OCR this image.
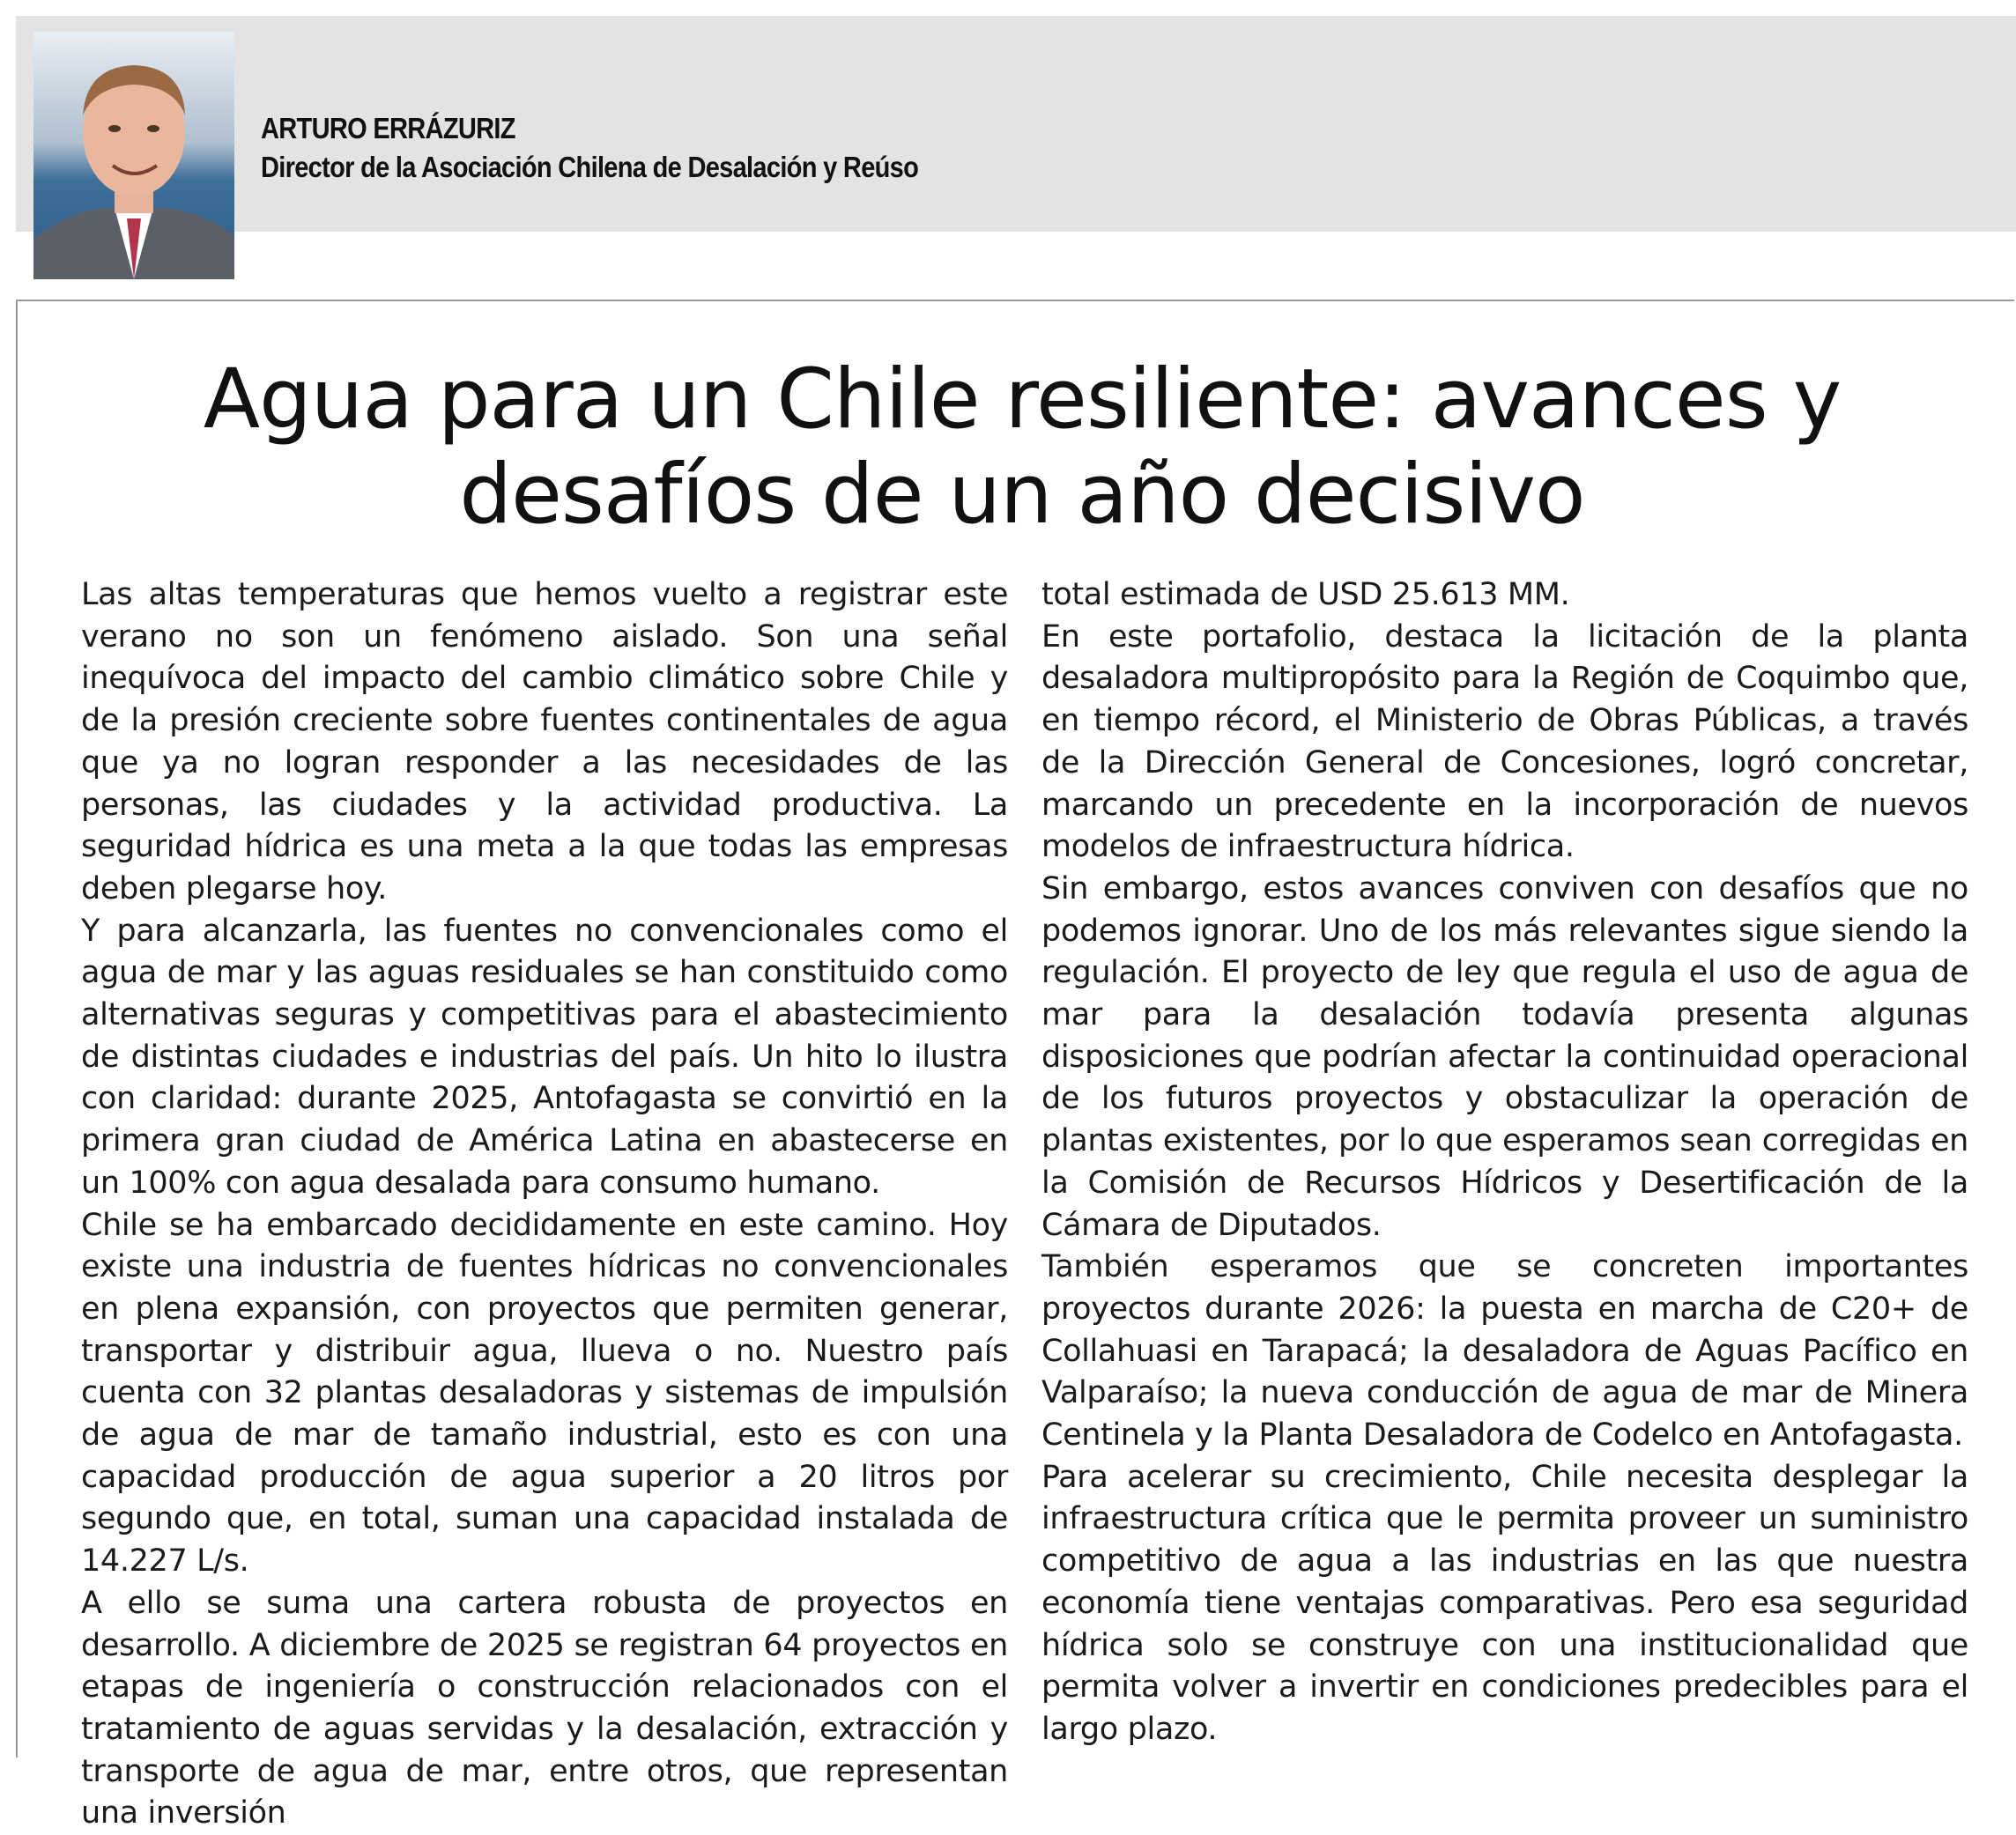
ARTURO ERRÁZURIZ
Director de la Asociación Chilena de Desalación y Reúso
Agua para un Chile resiliente: avances y desafíos de un año decisivo

Las altas temperaturas que hemos vuelto a registrar este verano no son un fenómeno aislado. Son una señal inequívoca del impacto del cambio climático sobre Chile y de la presión creciente sobre fuentes continentales de agua que ya no logran responder a las necesidades de las personas, las ciudades y la actividad productiva. La seguridad hídrica es una meta a la que todas las empresas deben plegarse hoy.

Y para alcanzarla, las fuentes no convencionales como el agua de mar y las aguas residuales se han constituido como alternativas seguras y competitivas para el abastecimiento de distintas ciudades e industrias del país. Un hito lo ilustra con claridad: durante 2025, Antofagasta se convirtió en la primera gran ciudad de América Latina en abastecerse en un 100% con agua desalada para consumo humano.

Chile se ha embarcado decididamente en este camino. Hoy existe una industria de fuentes hídricas no convencionales en plena expansión, con proyectos que permiten generar, transportar y distribuir agua, llueva o no. Nuestro país cuenta con 32 plantas desaladoras y sistemas de impulsión de agua de mar de tamaño industrial, esto es con una capacidad producción de agua superior a 20 litros por segundo que, en total, suman una capacidad instalada de 14.227 L/s.

A ello se suma una cartera robusta de proyectos en desarrollo. A diciembre de 2025 se registran 64 proyectos en etapas de ingeniería o construcción relacionados con el tratamiento de aguas servidas y la desalación, extracción y transporte de agua de mar, entre otros, que representan una inversión

total estimada de USD 25.613 MM.

En este portafolio, destaca la licitación de la planta desaladora multipropósito para la Región de Coquimbo que, en tiempo récord, el Ministerio de Obras Públicas, a través de la Dirección General de Concesiones, logró concretar, marcando un precedente en la incorporación de nuevos modelos de infraestructura hídrica.

Sin embargo, estos avances conviven con desafíos que no podemos ignorar. Uno de los más relevantes sigue siendo la regulación. El proyecto de ley que regula el uso de agua de mar para la desalación todavía presenta algunas disposiciones que podrían afectar la continuidad operacional de los futuros proyectos y obstaculizar la operación de plantas existentes, por lo que esperamos sean corregidas en la Comisión de Recursos Hídricos y Desertificación de la Cámara de Diputados.

También esperamos que se concreten importantes proyectos durante 2026: la puesta en marcha de C20+ de Collahuasi en Tarapacá; la desaladora de Aguas Pacífico en Valparaíso; la nueva conducción de agua de mar de Minera Centinela y la Planta Desaladora de Codelco en Antofagasta.

Para acelerar su crecimiento, Chile necesita desplegar la infraestructura crítica que le permita proveer un suministro competitivo de agua a las industrias en las que nuestra economía tiene ventajas comparativas. Pero esa seguridad hídrica solo se construye con una institucionalidad que permita volver a invertir en condiciones predecibles para el largo plazo.
